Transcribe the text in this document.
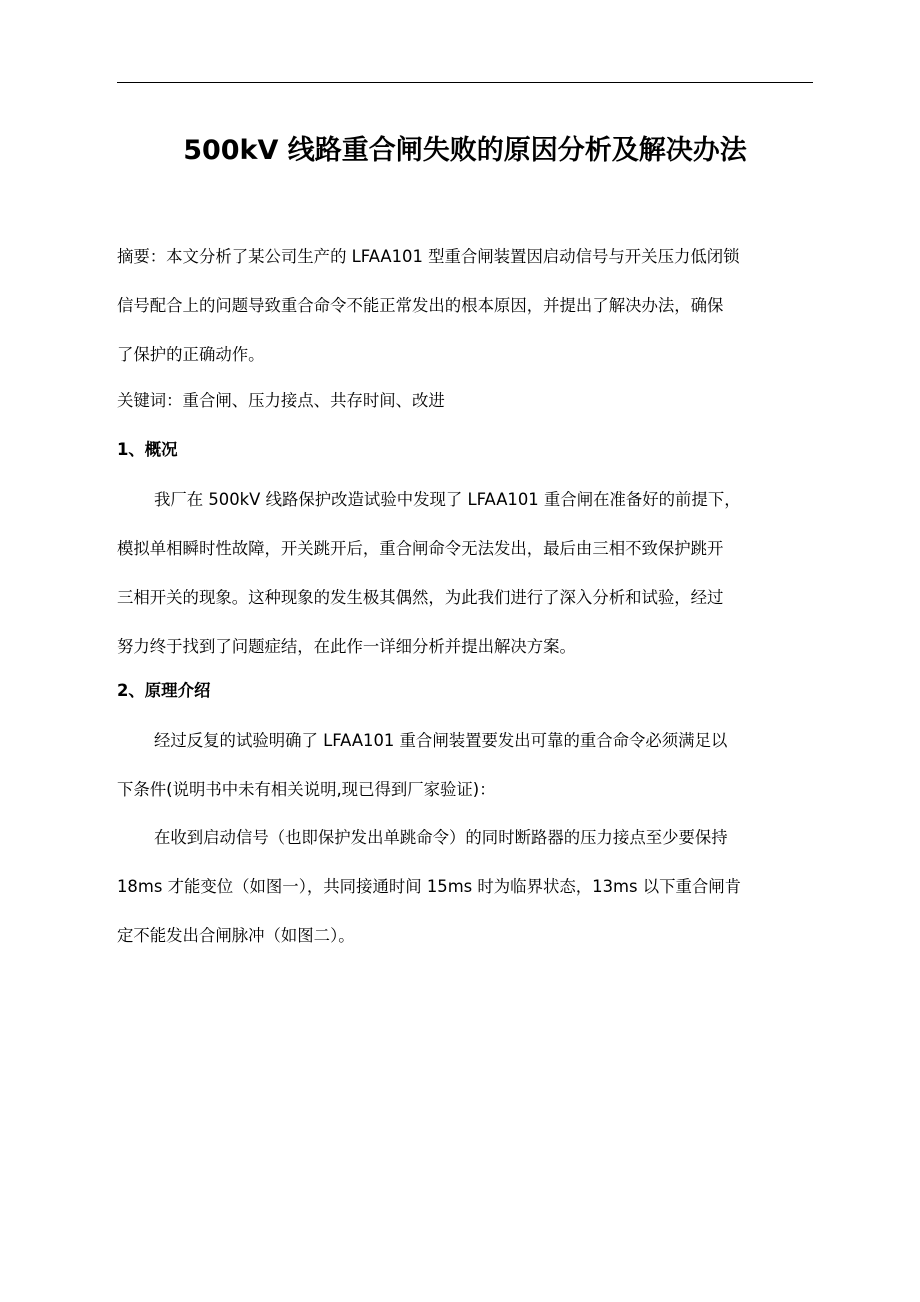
500kV 线路重合闸失败的原因分析及解决办法
摘要：本文分析了某公司生产的 LFAA101 型重合闸装置因启动信号与开关压力低闭锁
信号配合上的问题导致重合命令不能正常发出的根本原因，并提出了解决办法，确保
了保护的正确动作。
关键词：重合闸、压力接点、共存时间、改进
1、概况
我厂在 500kV 线路保护改造试验中发现了 LFAA101 重合闸在准备好的前提下，
模拟单相瞬时性故障，开关跳开后，重合闸命令无法发出，最后由三相不致保护跳开
三相开关的现象。这种现象的发生极其偶然，为此我们进行了深入分析和试验，经过
努力终于找到了问题症结，在此作一详细分析并提出解决方案。
2、原理介绍
经过反复的试验明确了 LFAA101 重合闸装置要发出可靠的重合命令必须满足以
下条件(说明书中未有相关说明,现已得到厂家验证)：
在收到启动信号（也即保护发出单跳命令）的同时断路器的压力接点至少要保持
18ms 才能变位（如图一），共同接通时间 15ms 时为临界状态，13ms 以下重合闸肯
定不能发出合闸脉冲（如图二）。
